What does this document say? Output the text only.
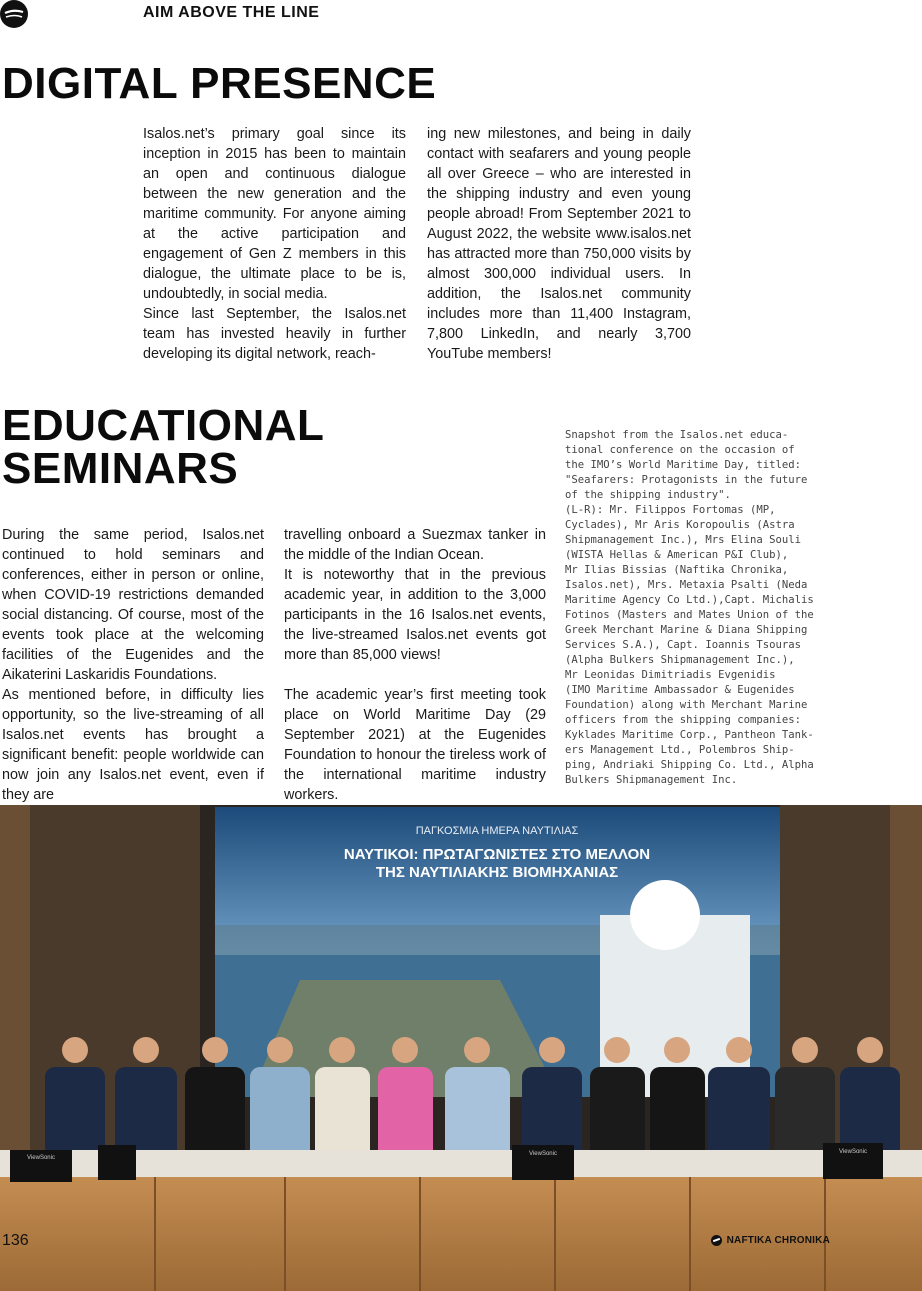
AIM ABOVE THE LINE
DIGITAL PRESENCE

Isalos.net’s primary goal since its inception in 2015 has been to maintain an open and continuous dialogue between the new generation and the maritime community. For anyone aiming at the active participation and engagement of Gen Z members in this dialogue, the ultimate place to be is, undoubtedly, in social media.

Since last September, the Isalos.net team has invested heavily in further developing its digital network, reach-

ing new milestones, and being in daily contact with seafarers and young people all over Greece – who are interested in the shipping industry and even young people abroad! From September 2021 to August 2022, the website www.isalos.net has attracted more than 750,000 visits by almost 300,000 individual users. In addition, the Isalos.net community includes more than 11,400 Instagram, 7,800 LinkedIn, and nearly 3,700 YouTube members!

EDUCATIONAL
SEMINARS

During the same period, Isalos.net continued to hold seminars and conferences, either in person or online, when COVID-19 restrictions demanded social distancing. Of course, most of the events took place at the welcoming facilities of the Eugenides and the Aikaterini Laskaridis Foundations.

As mentioned before, in difficulty lies opportunity, so the live-streaming of all Isalos.net events has brought a significant benefit: people worldwide can now join any Isalos.net event, even if they are

travelling onboard a Suezmax tanker in the middle of the Indian Ocean.

It is noteworthy that in the previous academic year, in addition to the 3,000 participants in the 16 Isalos.net events, the live-streamed Isalos.net events got more than 85,000 views!

The academic year’s first meeting took place on World Maritime Day (29 September 2021) at the Eugenides Foundation to honour the tireless work of the international maritime industry workers.

Snapshot from the Isalos.net educa-
tional conference on the occasion of
the IMO’s World Maritime Day, titled:
"Seafarers: Protagonists in the future
of the shipping industry".
(L-R): Mr. Filippos Fortomas (MP,
Cyclades), Mr Aris Koropoulis (Astra
Shipmanagement Inc.), Mrs Elina Souli
(WISTA Hellas & American P&I Club),
Mr Ilias Bissias (Naftika Chronika,
Isalos.net), Mrs. Metaxia Psalti (Neda
Maritime Agency Co Ltd.),Capt. Michalis
Fotinos (Masters and Mates Union of the
Greek Merchant Marine & Diana Shipping
Services S.A.), Capt. Ioannis Tsouras
(Alpha Bulkers Shipmanagement Inc.),
Mr Leonidas Dimitriadis Evgenidis
(IMO Maritime Ambassador & Eugenides
Foundation) along with Merchant Marine
officers from the shipping companies:
Kyklades Maritime Corp., Pantheon Tank-
ers Management Ltd., Polembros Ship-
ping, Andriaki Shipping Co. Ltd., Alpha
Bulkers Shipmanagement Inc.
ViewSonic
ViewSonic	ViewSonic
ΠΑΓΚΟΣΜΙΑ ΗΜΕΡΑ ΝΑΥΤΙΛΙΑΣ
ΝΑΥΤΙΚΟΙ: ΠΡΩΤΑΓΩΝΙΣΤΕΣ ΣΤΟ ΜΕΛΛΟΝ
ΤΗΣ ΝΑΥΤΙΛΙΑΚΗΣ ΒΙΟΜΗΧΑΝΙΑΣ
136	NAFTIKA CHRONIKA
